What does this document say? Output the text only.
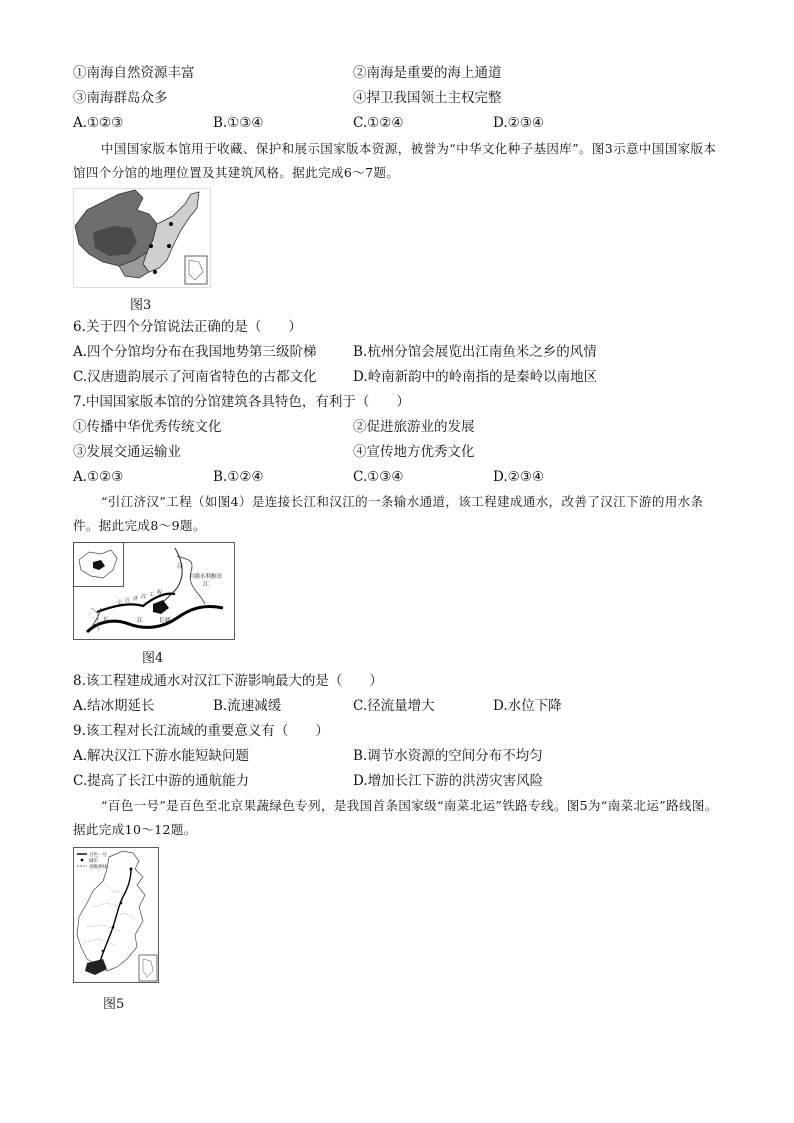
①南海自然资源丰富	②南海是重要的海上通道
③南海群岛众多	④捍卫我国领土主权完整
A.①②③	B.①③④	C.①②④	D.②③④
中国国家版本馆用于收藏、保护和展示国家版本资源，被誉为“中华文化种子基因库”。图3示意中国国家版本馆四个分馆的地理位置及其建筑风格。据此完成6～7题。
图3
6.关于四个分馆说法正确的是（　　）
A.四个分馆均分布在我国地势第三级阶梯	B.杭州分馆会展览出江南鱼米之乡的风情
C.汉唐遗韵展示了河南省特色的古都文化	D.岭南新韵中的岭南指的是秦岭以南地区
7.中国国家版本馆的分馆建筑各具特色，有利于（　　）
①传播中华优秀传统文化	②促进旅游业的发展
③发展交通运输业	④宣传地方优秀文化
A.①②③	B.①②④	C.①③④	D.②③④
“引江济汉”工程（如图4）是连接长江和汉江的一条输水通道，该工程建成通水，改善了汉江下游的用水条件。据此完成8～9题。
兴隆水利枢纽
汉
江
引 江 济 汉 工 程
长	江	长湖
图4
8.该工程建成通水对汉江下游影响最大的是（　　）
A.结冰期延长	B.流速减缓	C.径流量增大	D.水位下降
9.该工程对长江流域的重要意义有（　　）
A.解决汉江下游水能短缺问题	B.调节水资源的空间分布不均匀
C.提高了长江中游的通航能力	D.增加长江下游的洪涝灾害风险
“百色一号”是百色至北京果蔬绿色专列，是我国首条国家级“南菜北运”铁路专线。图5为“南菜北运”路线图。据此完成10～12题。
百色一号
城市
省级界线
图5
